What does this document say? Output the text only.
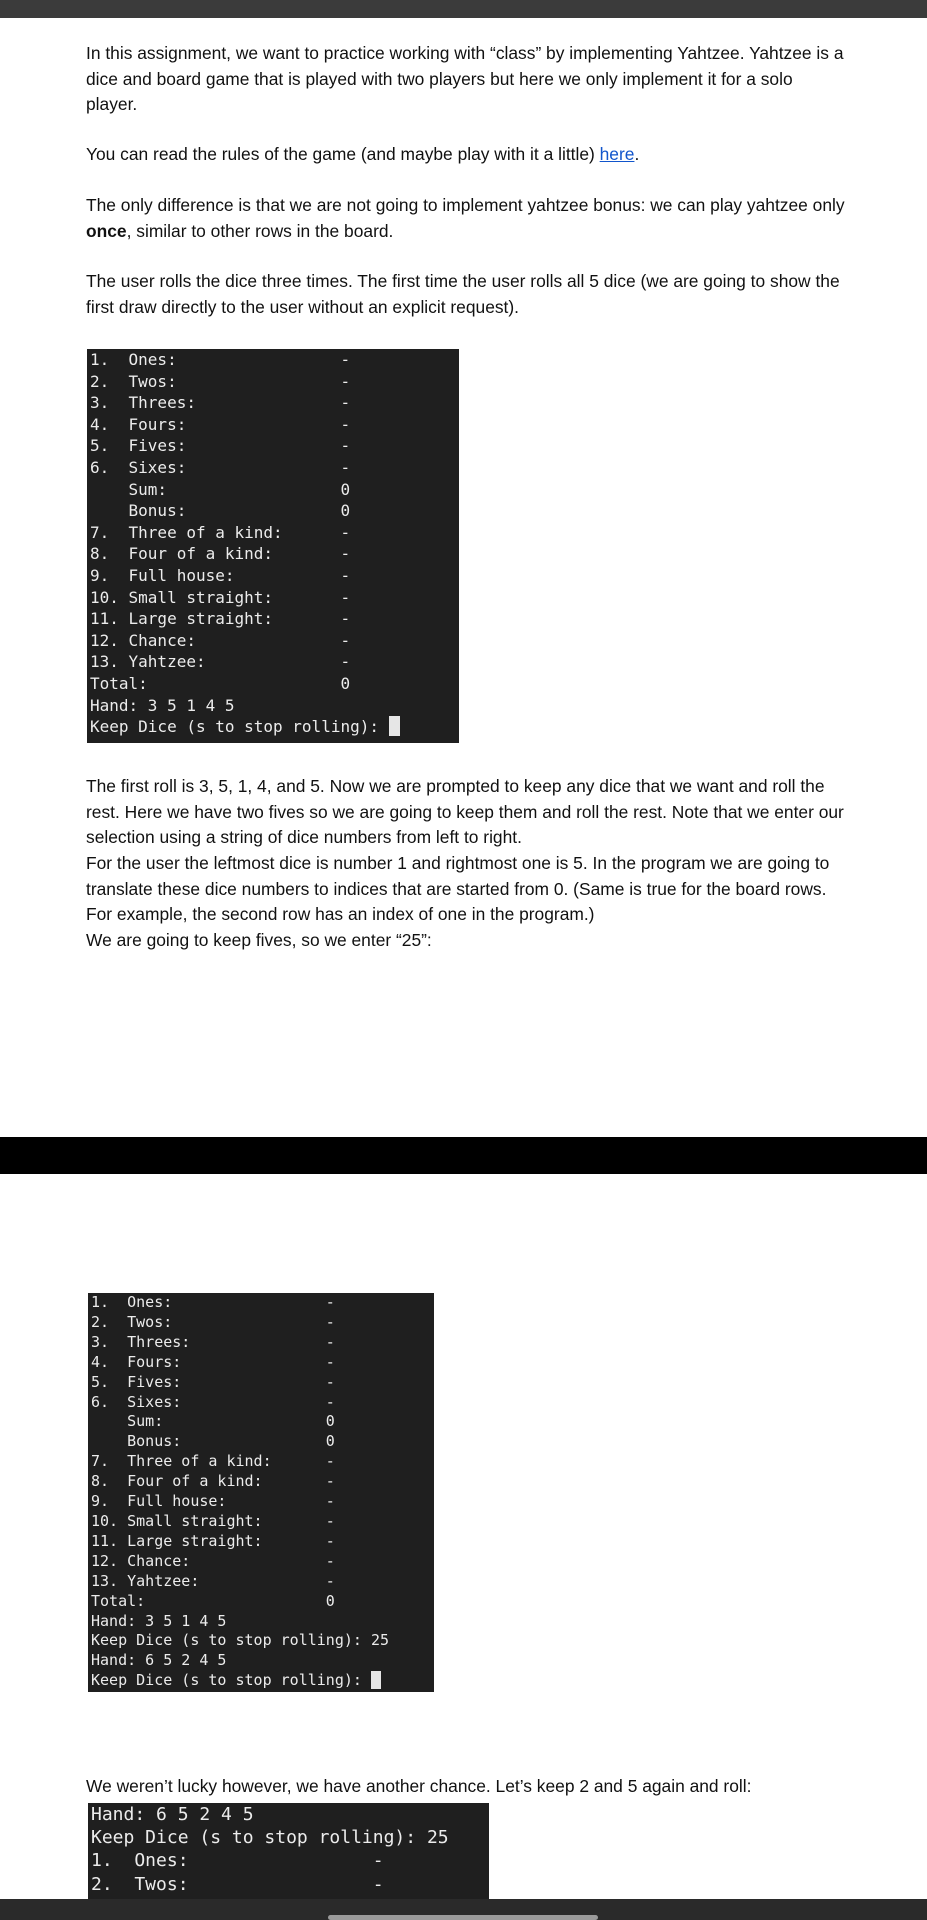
In this assignment, we want to practice working with “class” by implementing Yahtzee. Yahtzee is a dice and board game that is played with two players but here we only implement it for a solo player.

You can read the rules of the game (and maybe play with it a little) here.

The only difference is that we are not going to implement yahtzee bonus: we can play yahtzee only once, similar to other rows in the board.

The user rolls the dice three times. The first time the user rolls all 5 dice (we are going to show the first draw directly to the user without an explicit request).

1.  Ones:                 -
2.  Twos:                 -
3.  Threes:               -
4.  Fours:                -
5.  Fives:                -
6.  Sixes:                -
Sum:                  0
Bonus:                0
7.  Three of a kind:      -
8.  Four of a kind:       -
9.  Full house:           -
10. Small straight:       -
11. Large straight:       -
12. Chance:               -
13. Yahtzee:              -
Total:                    0
Hand: 3 5 1 4 5
Keep Dice (s to stop rolling):

The first roll is 3, 5, 1, 4, and 5. Now we are prompted to keep any dice that we want and roll the rest. Here we have two fives so we are going to keep them and roll the rest. Note that we enter our selection using a string of dice numbers from left to right.

For the user the leftmost dice is number 1 and rightmost one is 5. In the program we are going to translate these dice numbers to indices that are started from 0. (Same is true for the board rows. For example, the second row has an index of one in the program.)

We are going to keep fives, so we enter “25”:

1.  Ones:                 -
2.  Twos:                 -
3.  Threes:               -
4.  Fours:                -
5.  Fives:                -
6.  Sixes:                -
Sum:                  0
Bonus:                0
7.  Three of a kind:      -
8.  Four of a kind:       -
9.  Full house:           -
10. Small straight:       -
11. Large straight:       -
12. Chance:               -
13. Yahtzee:              -
Total:                    0
Hand: 3 5 1 4 5
Keep Dice (s to stop rolling): 25
Hand: 6 5 2 4 5
Keep Dice (s to stop rolling):

We weren’t lucky however, we have another chance. Let’s keep 2 and 5 again and roll:

Hand: 6 5 2 4 5
Keep Dice (s to stop rolling): 25
1.  Ones:                 -
2.  Twos:                 -
